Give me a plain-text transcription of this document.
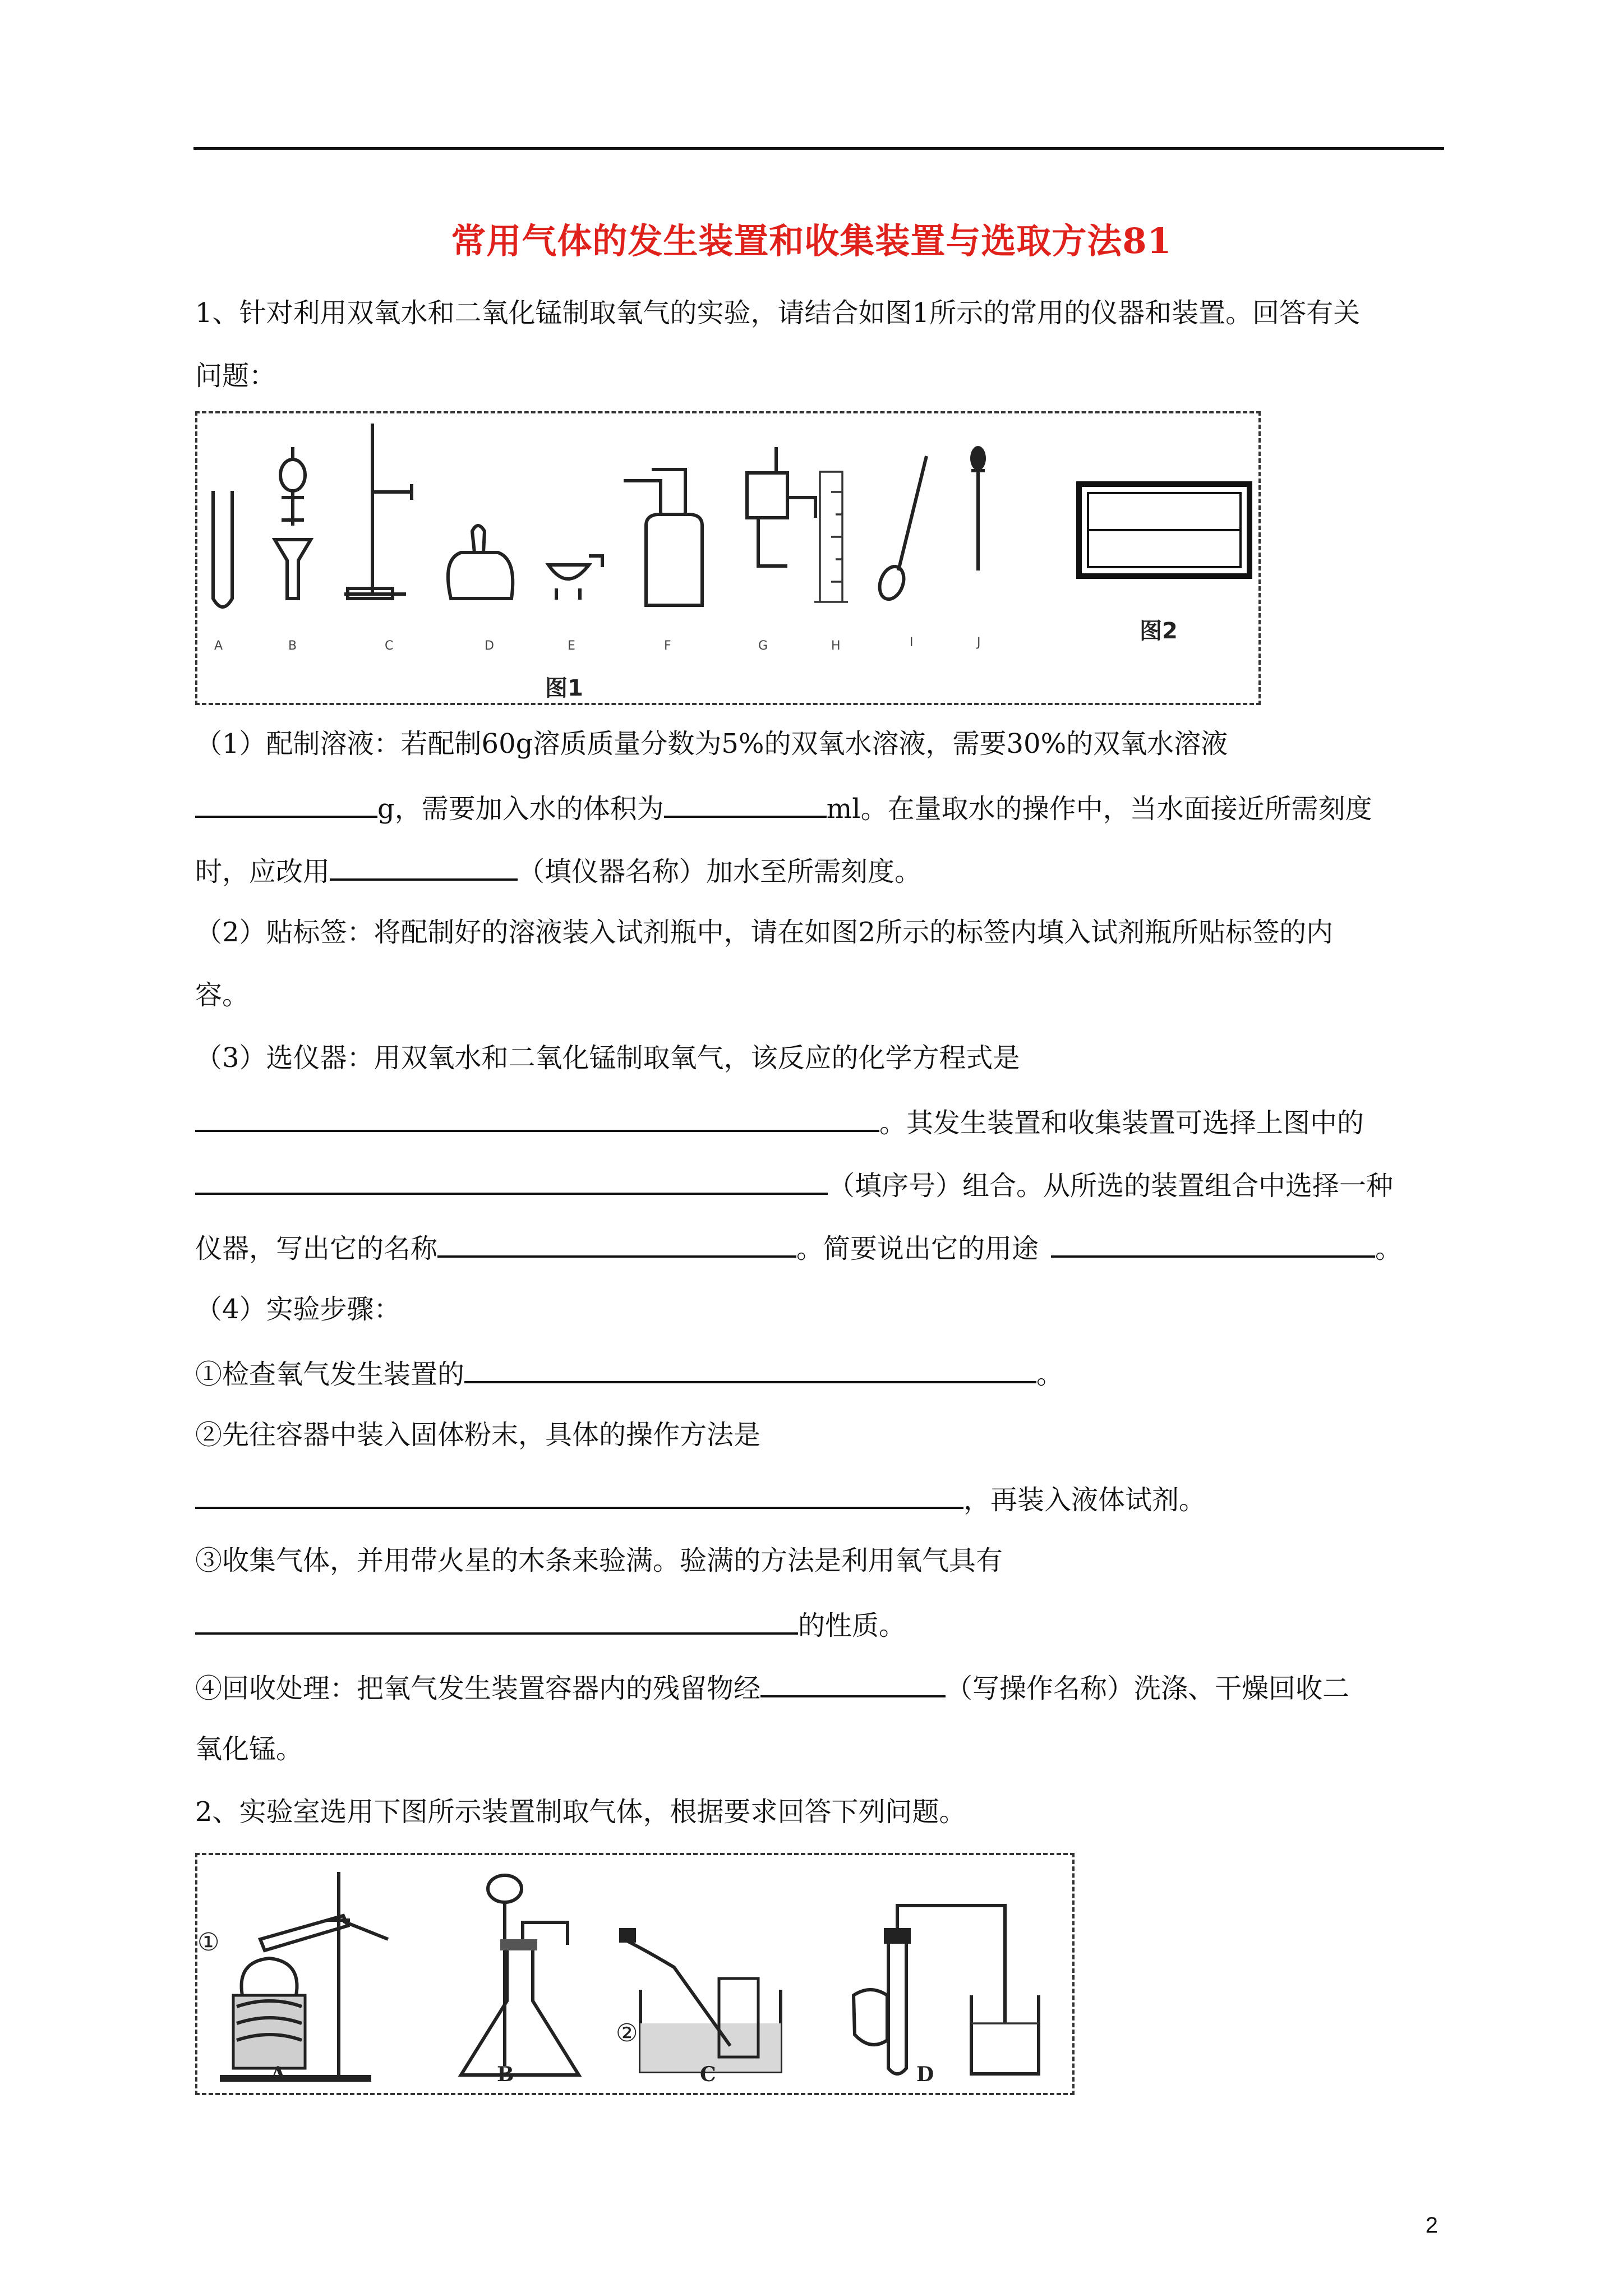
常用气体的发生装置和收集装置与选取方法81
1、针对利用双氧水和二氧化锰制取氧气的实验，请结合如图1所示的常用的仪器和装置。回答有关
问题：
A	B	C	D	E	F	G	H	I	J	图2
图1
（1）配制溶液：若配制60g溶质质量分数为5%的双氧水溶液，需要30%的双氧水溶液
g，需要加入水的体积为	ml。在量取水的操作中，当水面接近所需刻度
时，应改用	（填仪器名称）加水至所需刻度。
（2）贴标签：将配制好的溶液装入试剂瓶中，请在如图2所示的标签内填入试剂瓶所贴标签的内
容。
（3）选仪器：用双氧水和二氧化锰制取氧气，该反应的化学方程式是
。其发生装置和收集装置可选择上图中的
（填序号）组合。从所选的装置组合中选择一种
仪器，写出它的名称	。简要说出它的用途	。
（4）实验步骤：
①检查氧气发生装置的	。
②先往容器中装入固体粉末，具体的操作方法是
，再装入液体试剂。
③收集气体，并用带火星的木条来验满。验满的方法是利用氧气具有
的性质。
④回收处理：把氧气发生装置容器内的残留物经	（写操作名称）洗涤、干燥回收二
氧化锰。
2、实验室选用下图所示装置制取气体，根据要求回答下列问题。
①
②
A	B	C	D
2
